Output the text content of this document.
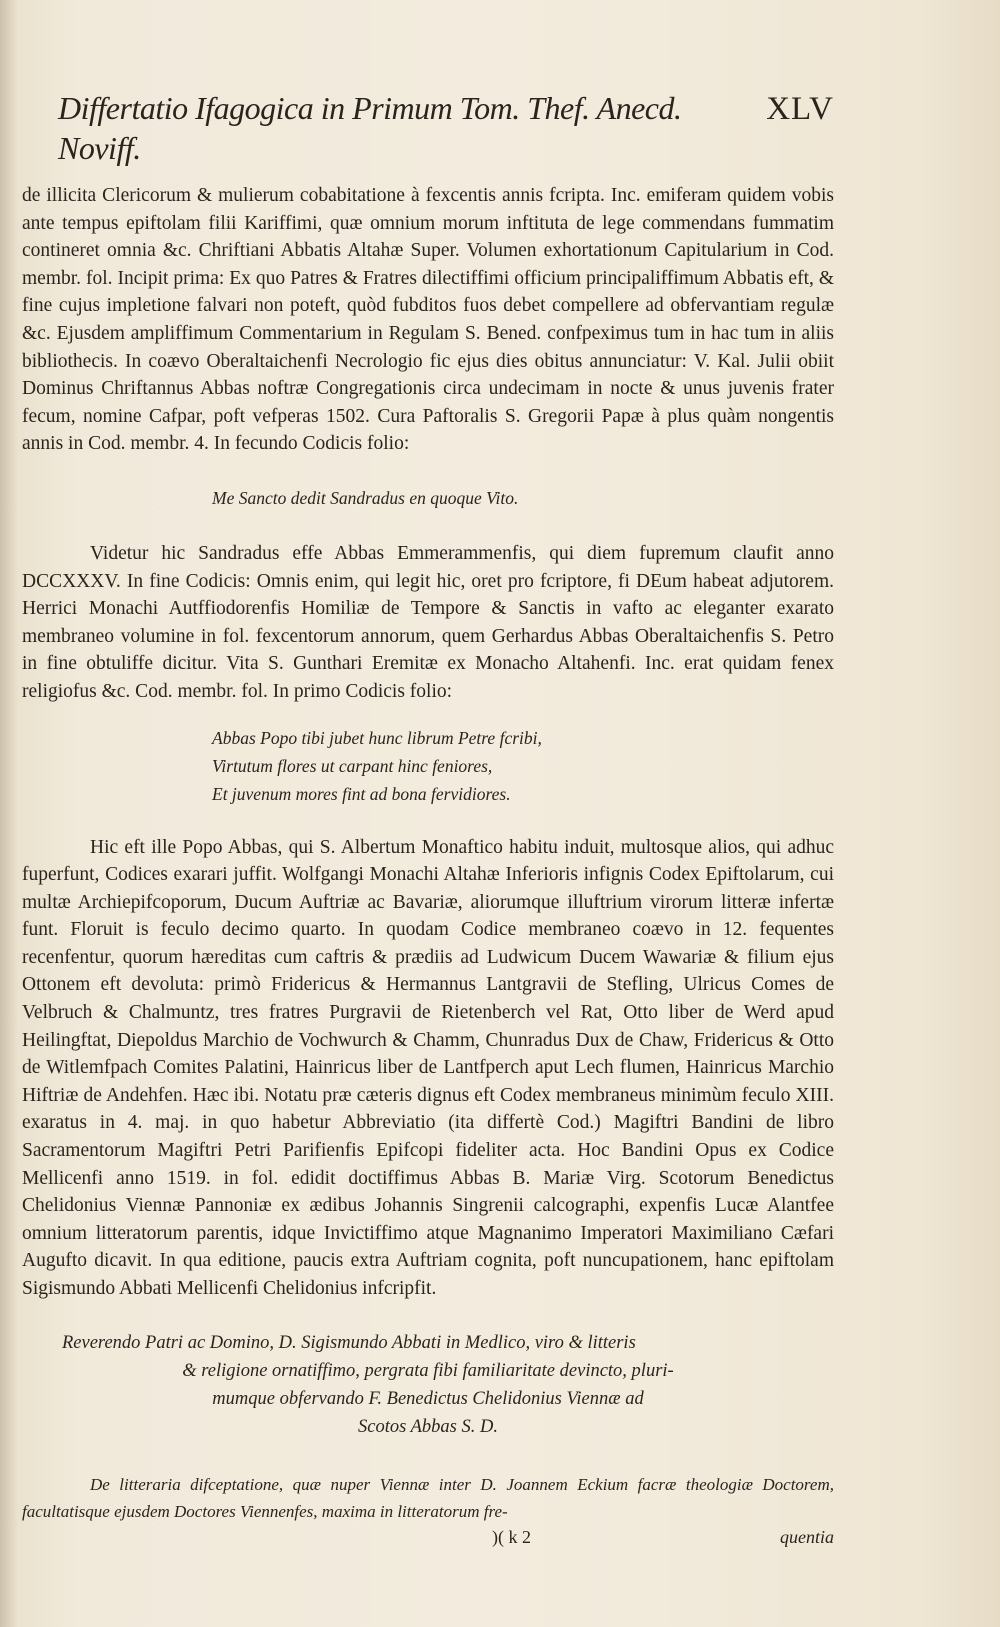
Differtatio Ifagogica in Primum Tom. Thef. Anecd. Noviff.
XLV

de illicita Clericorum & mulierum cobabitatione à fexcentis annis fcripta. Inc. emiferam quidem vobis ante tempus epiftolam filii Kariffimi, quæ omnium morum inftituta de lege commendans fummatim contineret omnia &c. Chriftiani Abbatis Altahæ Super. Volumen exhortationum Capitularium in Cod. membr. fol. Incipit prima: Ex quo Patres & Fratres dilectiffimi officium principaliffimum Abbatis eft, & fine cujus impletione falvari non poteft, quòd fubditos fuos debet compellere ad obfervantiam regulæ &c. Ejusdem ampliffimum Commentarium in Regulam S. Bened. confpeximus tum in hac tum in aliis bibliothecis. In coævo Oberaltaichenfi Necrologio fic ejus dies obitus annunciatur: V. Kal. Julii obiit Dominus Chriftannus Abbas noftræ Congregationis circa undecimam in nocte & unus juvenis frater fecum, nomine Cafpar, poft vefperas 1502. Cura Paftoralis S. Gregorii Papæ à plus quàm nongentis annis in Cod. membr. 4. In fecundo Codicis folio:

Me Sancto dedit Sandradus en quoque Vito.

Videtur hic Sandradus effe Abbas Emmerammenfis, qui diem fupremum claufit anno DCCXXXV. In fine Codicis: Omnis enim, qui legit hic, oret pro fcriptore, fi DEum habeat adjutorem. Herrici Monachi Autffiodorenfis Homiliæ de Tempore & Sanctis in vafto ac eleganter exarato membraneo volumine in fol. fexcentorum annorum, quem Gerhardus Abbas Oberaltaichenfis S. Petro in fine obtuliffe dicitur. Vita S. Gunthari Eremitæ ex Monacho Altahenfi. Inc. erat quidam fenex religiofus &c. Cod. membr. fol. In primo Codicis folio:

Abbas Popo tibi jubet hunc librum Petre fcribi,

Virtutum flores ut carpant hinc feniores,

Et juvenum mores fint ad bona fervidiores.

Hic eft ille Popo Abbas, qui S. Albertum Monaftico habitu induit, multosque alios, qui adhuc fuperfunt, Codices exarari juffit. Wolfgangi Monachi Altahæ Inferioris infignis Codex Epiftolarum, cui multæ Archiepifcoporum, Ducum Auftriæ ac Bavariæ, aliorumque illuftrium virorum litteræ infertæ funt. Floruit is feculo decimo quarto. In quodam Codice membraneo coævo in 12. fequentes recenfentur, quorum hæreditas cum caftris & prædiis ad Ludwicum Ducem Wawariæ & filium ejus Ottonem eft devoluta: primò Fridericus & Hermannus Lantgravii de Stefling, Ulricus Comes de Velbruch & Chalmuntz, tres fratres Purgravii de Rietenberch vel Rat, Otto liber de Werd apud Heilingftat, Diepoldus Marchio de Vochwurch & Chamm, Chunradus Dux de Chaw, Fridericus & Otto de Witlemfpach Comites Palatini, Hainricus liber de Lantfperch aput Lech flumen, Hainricus Marchio Hiftriæ de Andehfen. Hæc ibi. Notatu præ cæteris dignus eft Codex membraneus minimùm feculo XIII. exaratus in 4. maj. in quo habetur Abbreviatio (ita differtè Cod.) Magiftri Bandini de libro Sacramentorum Magiftri Petri Parifienfis Epifcopi fideliter acta. Hoc Bandini Opus ex Codice Mellicenfi anno 1519. in fol. edidit doctiffimus Abbas B. Mariæ Virg. Scotorum Benedictus Chelidonius Viennæ Pannoniæ ex ædibus Johannis Singrenii calcographi, expenfis Lucæ Alantfee omnium litteratorum parentis, idque Invictiffimo atque Magnanimo Imperatori Maximiliano Cæfari Augufto dicavit. In qua editione, paucis extra Auftriam cognita, poft nuncupationem, hanc epiftolam Sigismundo Abbati Mellicenfi Chelidonius infcripfit.

Reverendo Patri ac Domino, D. Sigismundo Abbati in Medlico, viro & litteris
& religione ornatiffimo, pergrata fibi familiaritate devincto, pluri-
mumque obfervando F. Benedictus Chelidonius Viennæ ad
Scotos Abbas S. D.

De litteraria difceptatione, quæ nuper Viennæ inter D. Joannem Eckium facræ theologiæ Doctorem, facultatisque ejusdem Doctores Viennenfes, maxima in litteratorum fre-

)( k 2	quentia
